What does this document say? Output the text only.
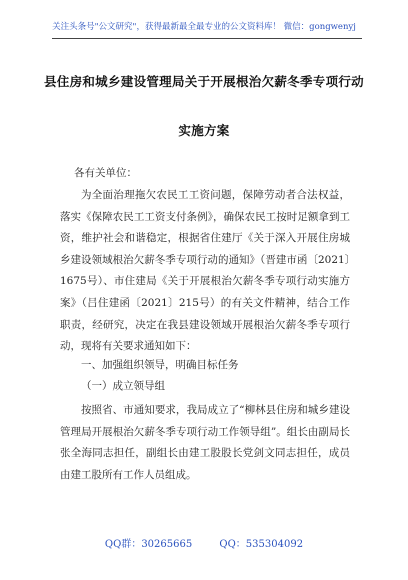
关注头条号"公文研究"，获得最新最全最专业的公文资料库！ 微信：gongwenyj
县住房和城乡建设管理局关于开展根治欠薪冬季专项行动
实施方案
各有关单位：
为全面治理拖欠农民工工资问题，保障劳动者合法权益，落实《保障农民工工资支付条例》，确保农民工按时足额拿到工资，维护社会和谐稳定，根据省住建厅《关于深入开展住房城乡建设领域根治欠薪冬季专项行动的通知》（晋建市函〔2021〕1675号）、市住建局《关于开展根治欠薪冬季专项行动实施方案》（吕住建函〔2021〕215号）的有关文件精神，结合工作职责，经研究，决定在我县建设领域开展根治欠薪冬季专项行动，现将有关要求通知如下：
一、加强组织领导，明确目标任务
（一）成立领导组
按照省、市通知要求，我局成立了“柳林县住房和城乡建设管理局开展根治欠薪冬季专项行动工作领导组”。组长由副局长张全海同志担任，副组长由建工股股长党剑文同志担任，成员由建工股所有工作人员组成。
QQ群：30265665	QQ：535304092
